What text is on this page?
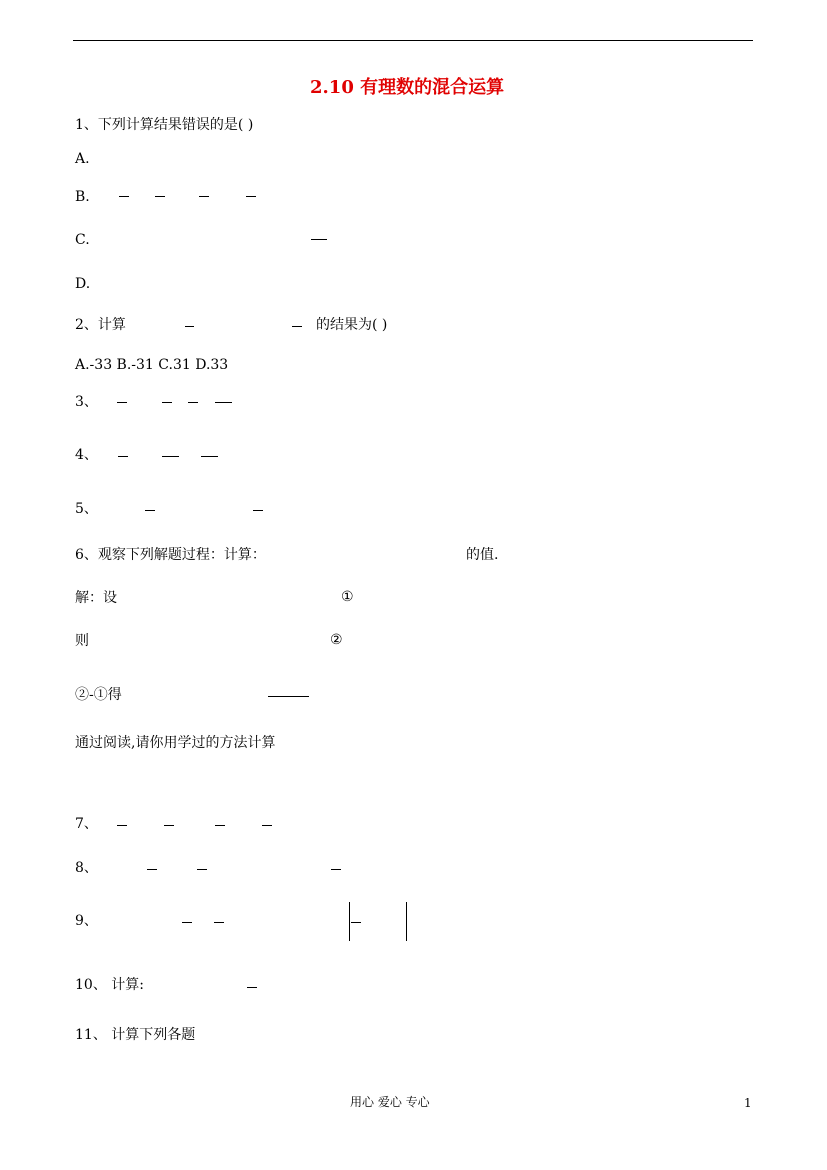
2.10 有理数的混合运算
1、下列计算结果错误的是( )
A.
B.
C.
D.
2、计算	的结果为( )
A.-33 B.-31 C.31 D.33
3、
4、
5、
6、观察下列解题过程：计算：	的值.
解：设	①
则	②
②-①得
通过阅读,请你用学过的方法计算
7、
8、
9、
10、 计算:
11、 计算下列各题
用心 爱心 专心	1
